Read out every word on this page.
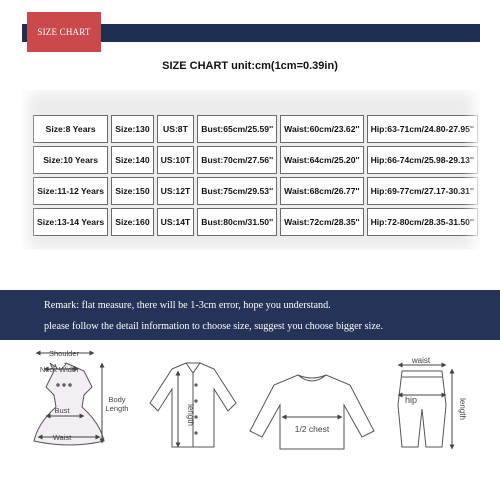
SIZE CHART
SIZE CHART unit:cm(1cm=0.39in)
Size:8 Years	Size:130	US:8T	Bust:65cm/25.59''	Waist:60cm/23.62''	Hip:63-71cm/24.80-27.95''
Size:10 Years	Size:140	US:10T	Bust:70cm/27.56''	Waist:64cm/25.20''	Hip:66-74cm/25.98-29.13''
Size:11-12 Years	Size:150	US:12T	Bust:75cm/29.53''	Waist:68cm/26.77''	Hip:69-77cm/27.17-30.31''
Size:13-14 Years	Size:160	US:14T	Bust:80cm/31.50''	Waist:72cm/28.35''	Hip:72-80cm/28.35-31.50''
Remark: flat measure, there will be 1-3cm error, hope you understand.
please follow the detail information to choose size, suggest you choose bigger size.
Shoulder
Neck Width
Bust
Body
Length
Waist
length
1/2 chest
waist
hip	length
